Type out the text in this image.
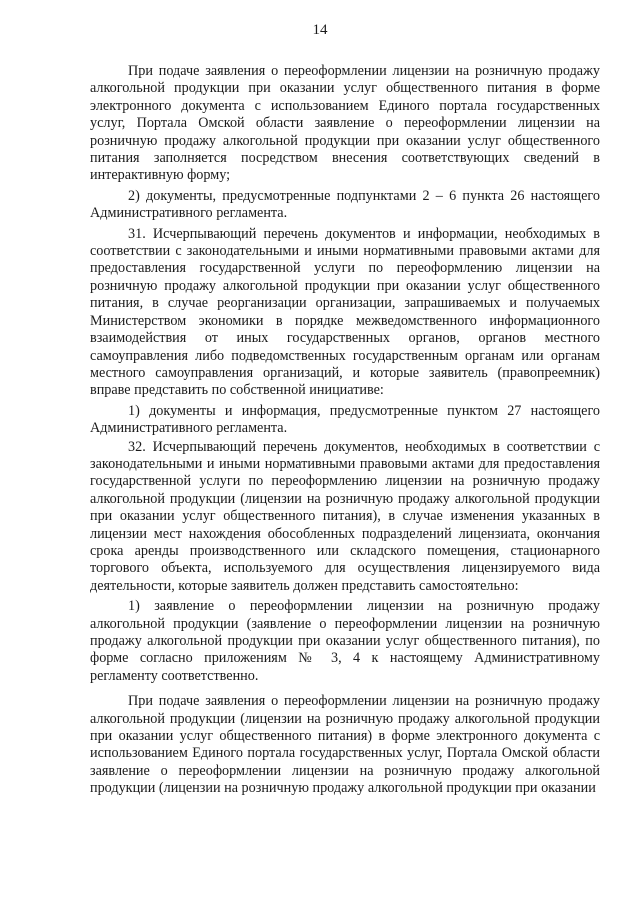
14

При подаче заявления о переоформлении лицензии на розничную продажу алкогольной продукции при оказании услуг общественного питания в форме электронного документа с использованием Единого портала государственных услуг, Портала Омской области заявление о переоформлении лицензии на розничную продажу алкогольной продукции при оказании услуг общественного питания заполняется посредством внесения соответствующих сведений в интерактивную форму;

2) документы, предусмотренные подпунктами 2 – 6 пункта 26 настоящего Административного регламента.

31. Исчерпывающий перечень документов и информации, необходимых в соответствии с законодательными и иными нормативными правовыми актами для предоставления государственной услуги по переоформлению лицензии на розничную продажу алкогольной продукции при оказании услуг общественного питания, в случае реорганизации организации, запрашиваемых и получаемых Министерством экономики в порядке межведомственного информационного взаимодействия от иных государственных органов, органов местного самоуправления либо подведомственных государственным органам или органам местного самоуправления организаций, и которые заявитель (правопреемник) вправе представить по собственной инициативе:

1) документы и информация, предусмотренные пунктом 27 настоящего Административного регламента.

32. Исчерпывающий перечень документов, необходимых в соответствии с законодательными и иными нормативными правовыми актами для предоставления государственной услуги по переоформлению лицензии на розничную продажу алкогольной продукции (лицензии на розничную продажу алкогольной продукции при оказании услуг общественного питания), в случае изменения указанных в лицензии мест нахождения обособленных подразделений лицензиата, окончания срока аренды производственного или складского помещения, стационарного торгового объекта, используемого для осуществления лицензируемого вида деятельности, которые заявитель должен представить самостоятельно:

1) заявление о переоформлении лицензии на розничную продажу алкогольной продукции (заявление о переоформлении лицензии на розничную продажу алкогольной продукции при оказании услуг общественного питания), по форме согласно приложениям № 3, 4 к настоящему Административному регламенту соответственно.

При подаче заявления о переоформлении лицензии на розничную продажу алкогольной продукции (лицензии на розничную продажу алкогольной продукции при оказании услуг общественного питания) в форме электронного документа с использованием Единого портала государственных услуг, Портала Омской области заявление о переоформлении лицензии на розничную продажу алкогольной продукции (лицензии на розничную продажу алкогольной продукции при оказании
